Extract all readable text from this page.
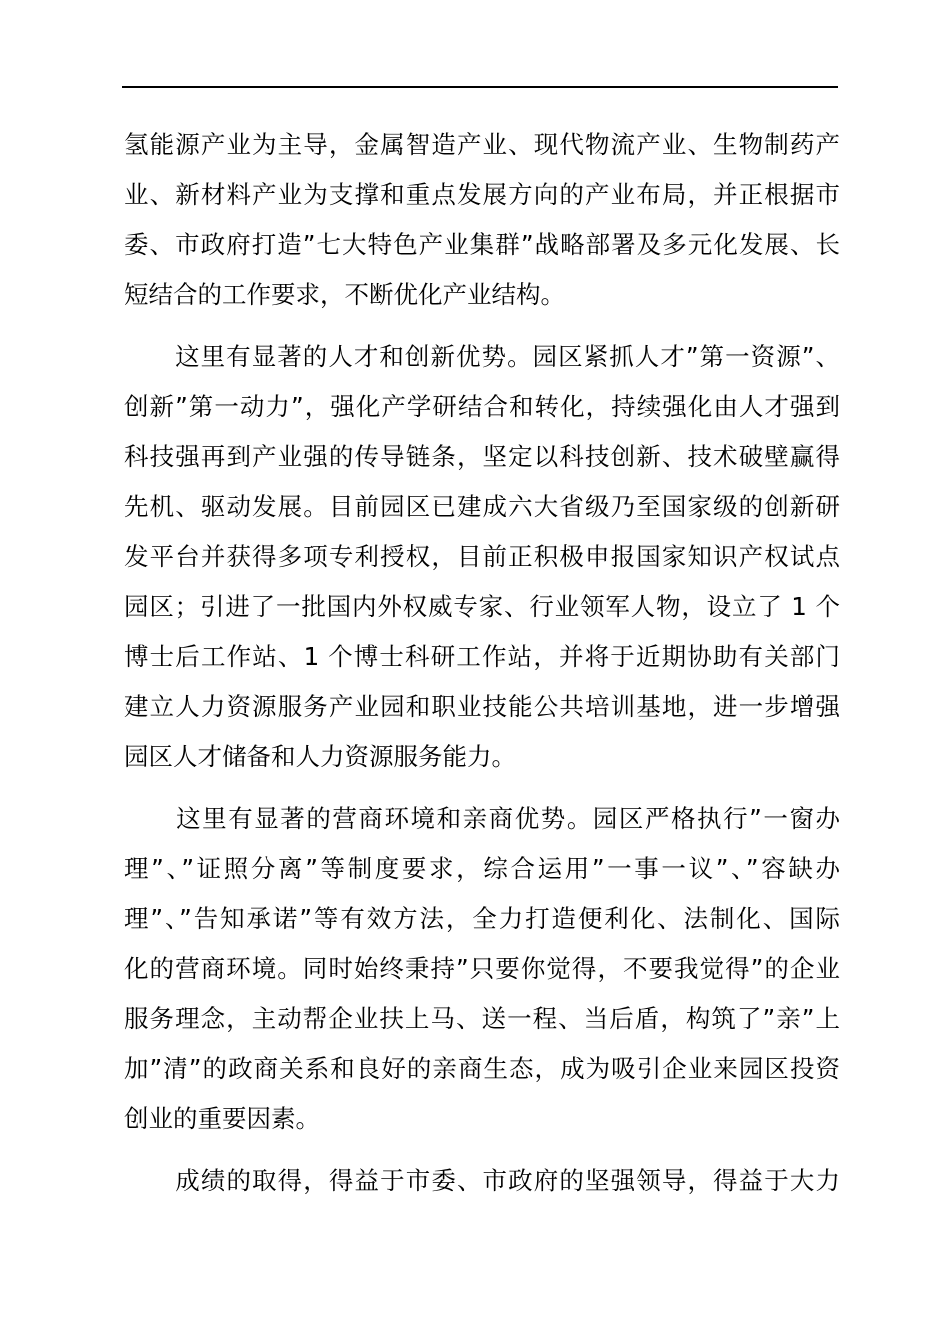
氢能源产业为主导，金属智造产业、现代物流产业、生物制药产
业、新材料产业为支撑和重点发展方向的产业布局，并正根据市
委、市政府打造”七大特色产业集群”战略部署及多元化发展、长
短结合的工作要求，不断优化产业结构。
　　这里有显著的人才和创新优势。园区紧抓人才”第一资源”、
创新”第一动力”，强化产学研结合和转化，持续强化由人才强到
科技强再到产业强的传导链条，坚定以科技创新、技术破壁赢得
先机、驱动发展。目前园区已建成六大省级乃至国家级的创新研
发平台并获得多项专利授权，目前正积极申报国家知识产权试点
园区；引进了一批国内外权威专家、行业领军人物，设立了 1 个
博士后工作站、1 个博士科研工作站，并将于近期协助有关部门
建立人力资源服务产业园和职业技能公共培训基地，进一步增强
园区人才储备和人力资源服务能力。
　　这里有显著的营商环境和亲商优势。园区严格执行”一窗办
理”、”证照分离”等制度要求，综合运用”一事一议”、”容缺办
理”、”告知承诺”等有效方法，全力打造便利化、法制化、国际
化的营商环境。同时始终秉持”只要你觉得，不要我觉得”的企业
服务理念，主动帮企业扶上马、送一程、当后盾，构筑了”亲”上
加”清”的政商关系和良好的亲商生态，成为吸引企业来园区投资
创业的重要因素。
　　成绩的取得，得益于市委、市政府的坚强领导，得益于大力
